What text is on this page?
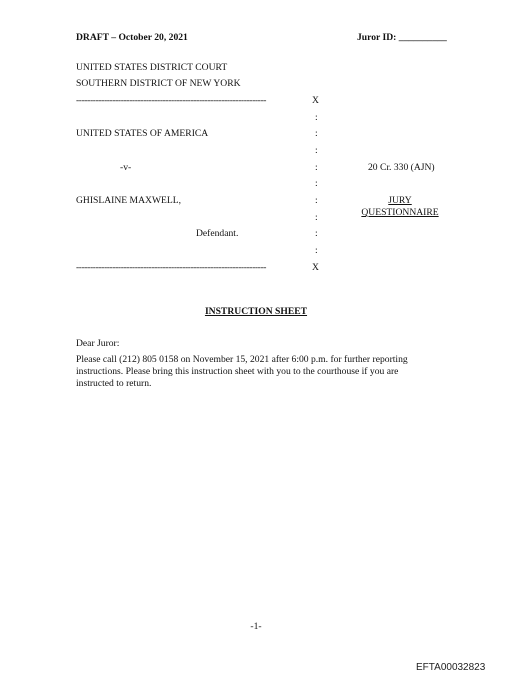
DRAFT – October 20, 2021	Juror ID: __________
UNITED STATES DISTRICT COURT
SOUTHERN DISTRICT OF NEW YORK
--------------------------------------------------------------------	X
:
:
:
:
:
:
:
:
:
UNITED STATES OF AMERICA
-v-	20 Cr. 330 (AJN)
GHISLAINE MAXWELL,	JURY
QUESTIONNAIRE
Defendant.
--------------------------------------------------------------------	X
INSTRUCTION SHEET
Dear Juror:
Please call (212) 805 0158 on November 15, 2021 after 6:00 p.m. for further reporting instructions. Please bring this instruction sheet with you to the courthouse if you are instructed to return.
-1-
EFTA00032823
